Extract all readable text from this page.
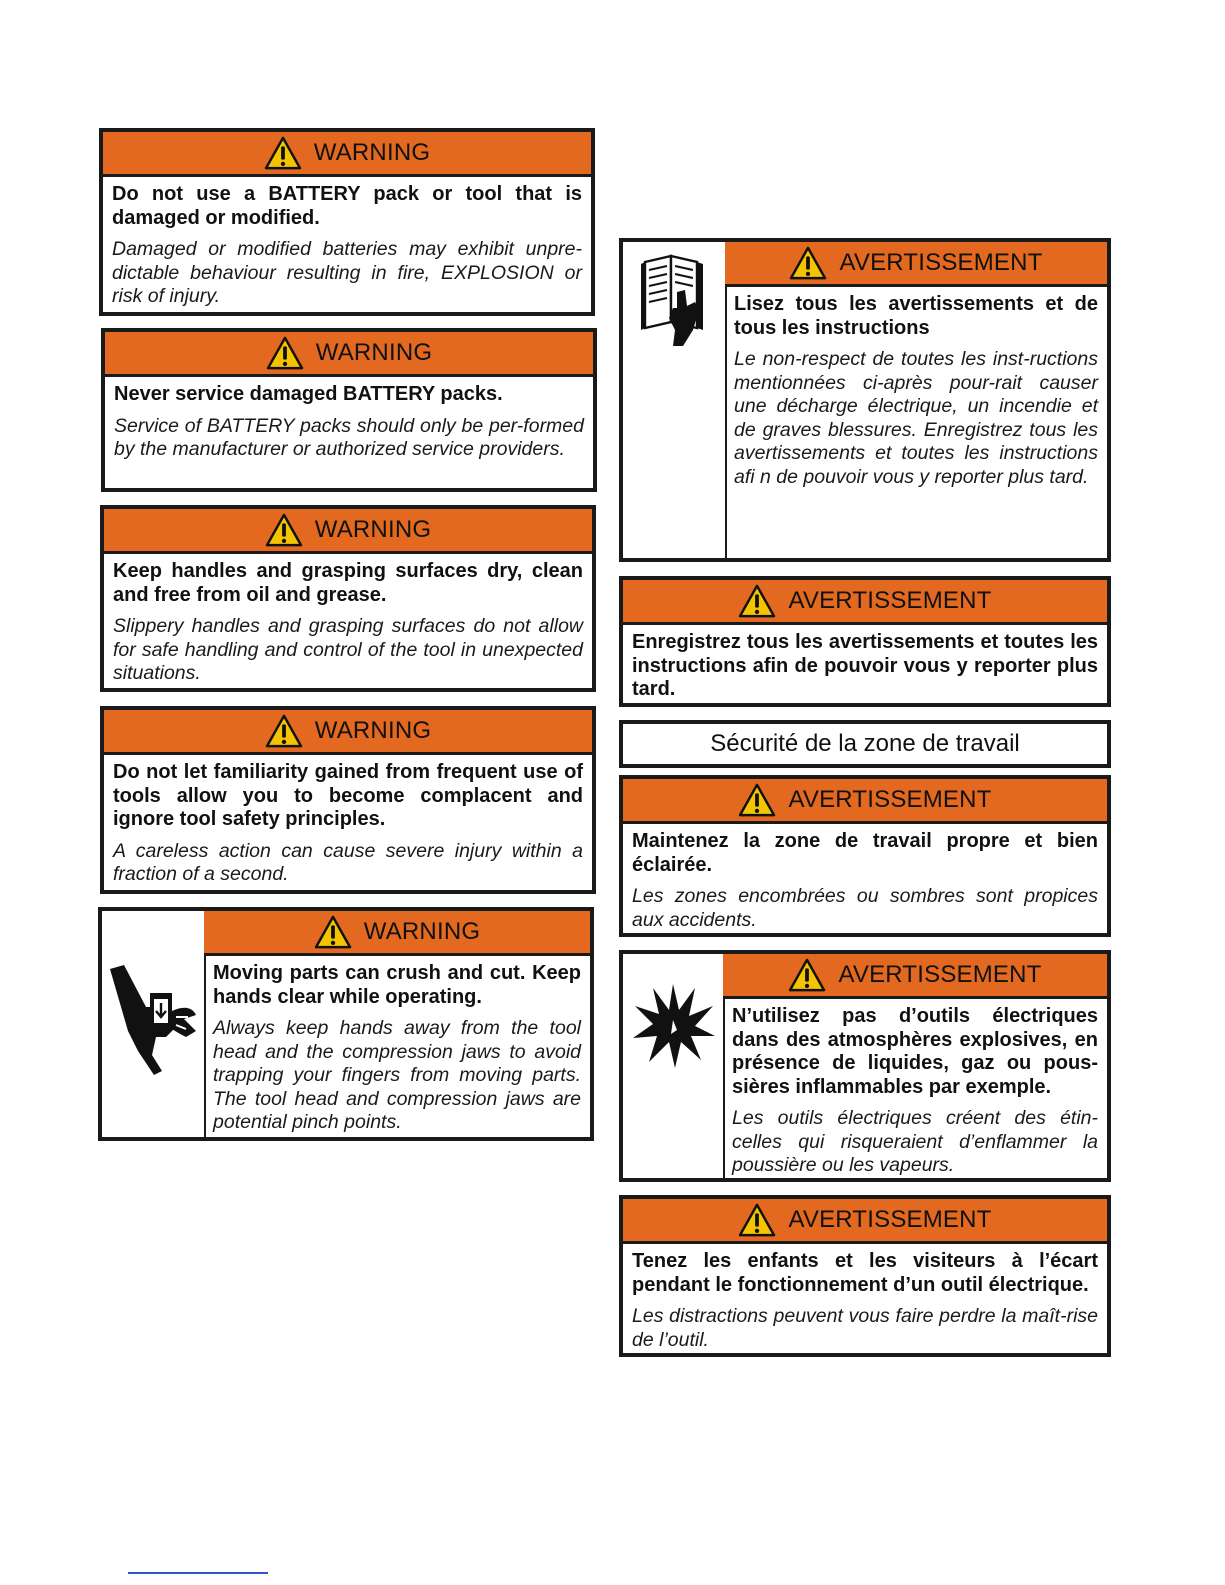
WARNING

Do not use a BATTERY pack or tool that is damaged or modified.

Damaged or modified batteries may exhibit unpre-dictable behaviour resulting in fire, EXPLOSION or risk of injury.

WARNING

Never service damaged BATTERY packs.

Service of BATTERY packs should only be per-formed by the manufacturer or authorized service providers.

WARNING

Keep handles and grasping surfaces dry, clean and free from oil and grease.

Slippery handles and grasping surfaces do not allow for safe handling and control of the tool in unexpected situations.

WARNING

Do not let familiarity gained from frequent use of tools allow you to become complacent and ignore tool safety principles.

A careless action can cause severe injury within a fraction of a second.

WARNING

Moving parts can crush and cut. Keep hands clear while operating.

Always keep hands away from the tool head and the compression jaws to avoid trapping your fingers from moving parts. The tool head and compression jaws are potential pinch points.

AVERTISSEMENT

Lisez tous les avertissements et de tous les instructions

Le non-respect de toutes les inst-ructions mentionnées ci-après pour-rait causer une décharge électrique, un incendie et de graves blessures. Enregistrez tous les avertissements et toutes les instructions afi n de pouvoir vous y reporter plus tard.

AVERTISSEMENT

Enregistrez tous les avertissements et toutes les instructions afin de pouvoir vous y reporter plus tard.

Sécurité de la zone de travail
AVERTISSEMENT

Maintenez la zone de travail propre et bien éclairée.

Les zones encombrées ou sombres sont propices aux accidents.

AVERTISSEMENT

N’utilisez pas d’outils électriques dans des atmosphères explosives, en présence de liquides, gaz ou pous-sières inflammables par exemple.

Les outils électriques créent des étin-celles qui risqueraient d’enflammer la poussière ou les vapeurs.

AVERTISSEMENT

Tenez les enfants et les visiteurs à l’écart pendant le fonctionnement d’un outil électrique.

Les distractions peuvent vous faire perdre la maît-rise de l’outil.
